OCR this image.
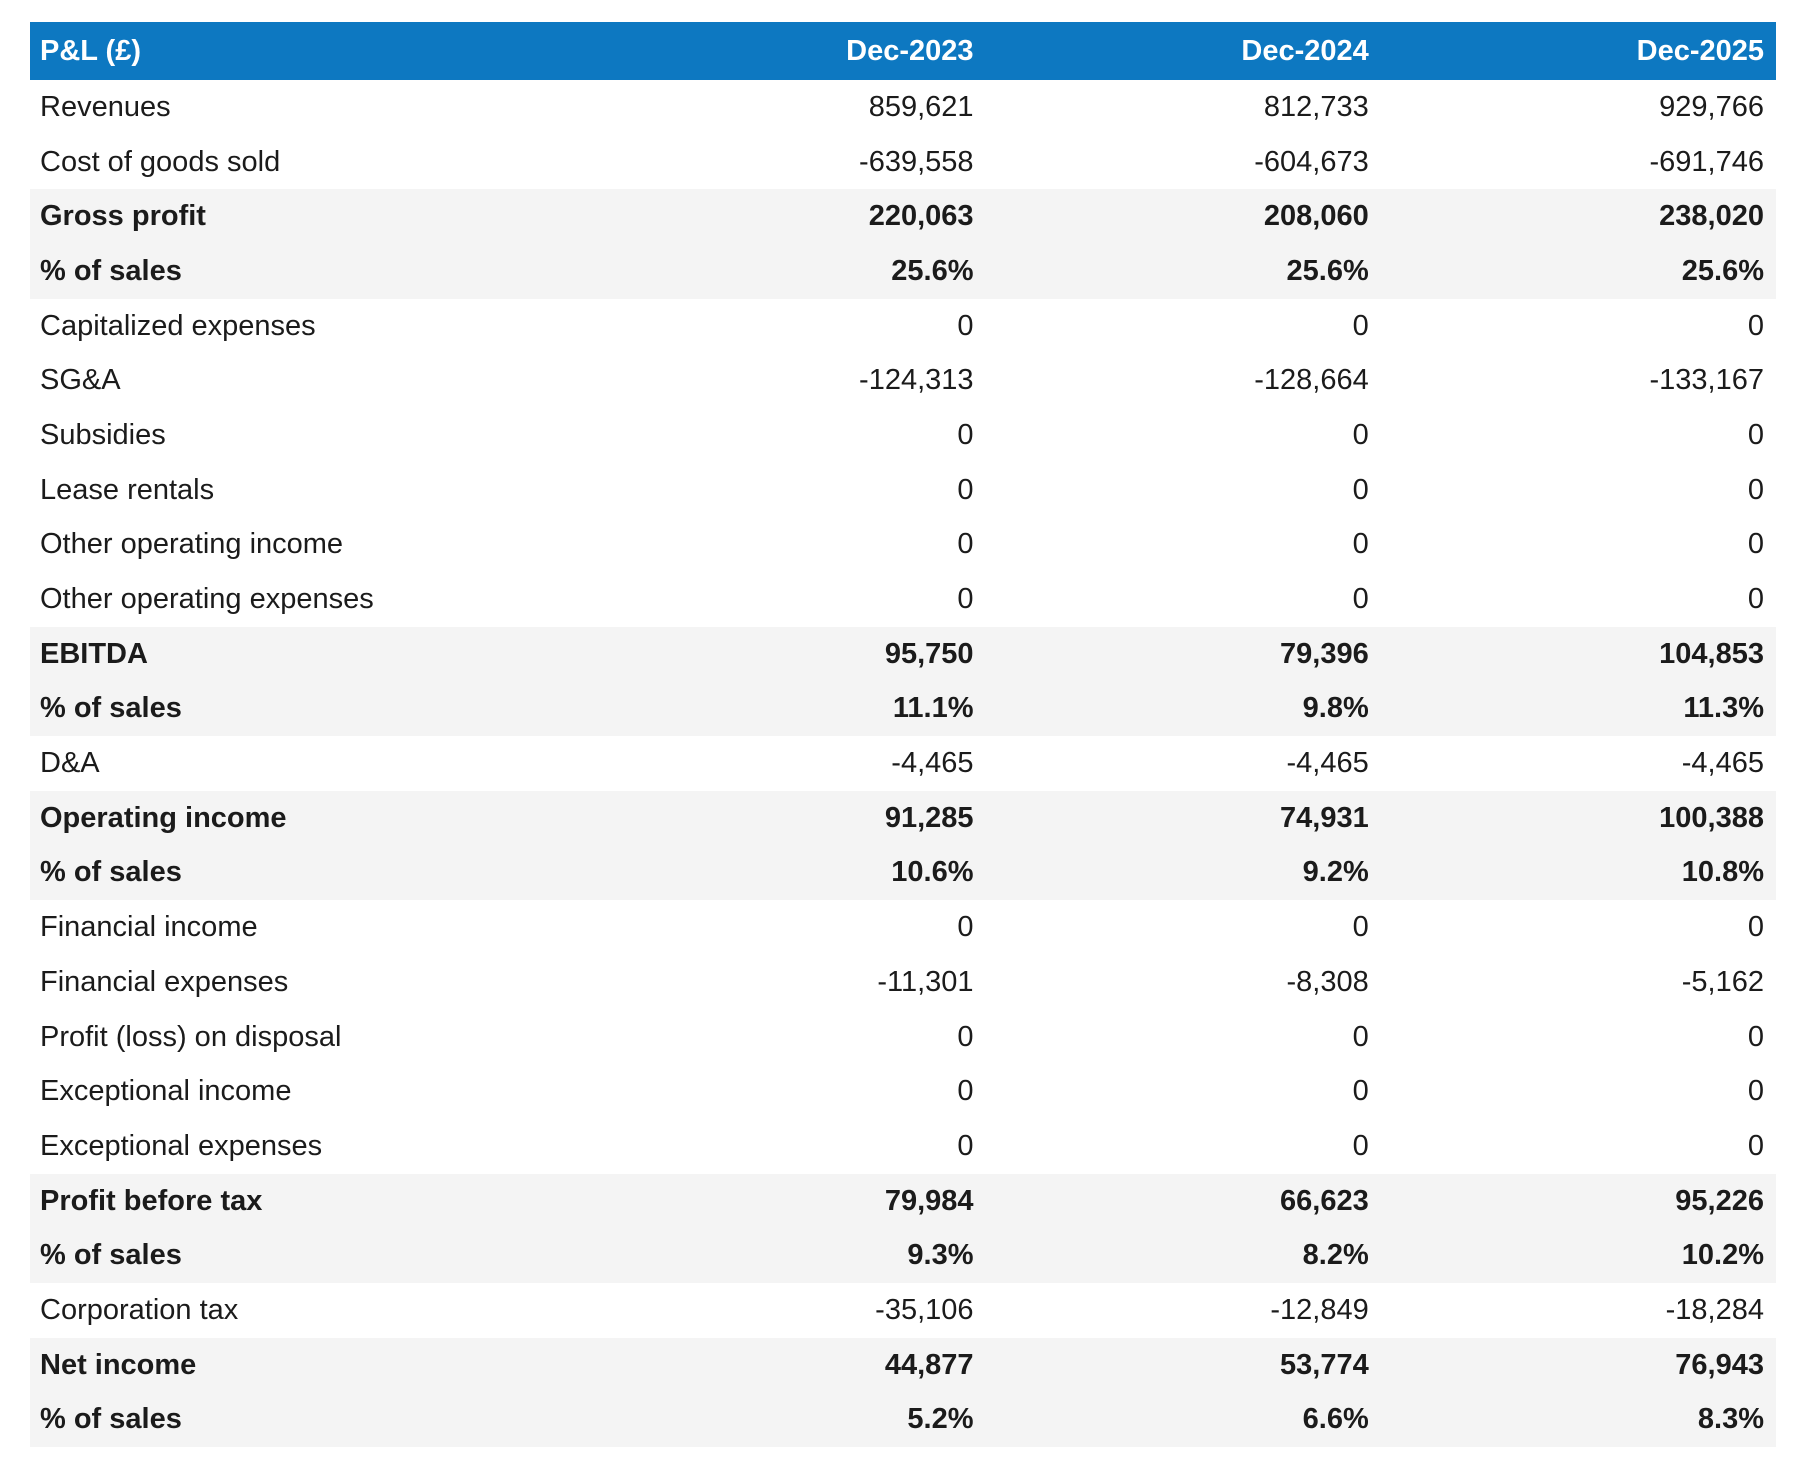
P&L (£)	Dec-2023	Dec-2024	Dec-2025
Revenues	859,621	812,733	929,766
Cost of goods sold	-639,558	-604,673	-691,746
Gross profit	220,063	208,060	238,020
% of sales	25.6%	25.6%	25.6%
Capitalized expenses	0	0	0
SG&A	-124,313	-128,664	-133,167
Subsidies	0	0	0
Lease rentals	0	0	0
Other operating income	0	0	0
Other operating expenses	0	0	0
EBITDA	95,750	79,396	104,853
% of sales	11.1%	9.8%	11.3%
D&A	-4,465	-4,465	-4,465
Operating income	91,285	74,931	100,388
% of sales	10.6%	9.2%	10.8%
Financial income	0	0	0
Financial expenses	-11,301	-8,308	-5,162
Profit (loss) on disposal	0	0	0
Exceptional income	0	0	0
Exceptional expenses	0	0	0
Profit before tax	79,984	66,623	95,226
% of sales	9.3%	8.2%	10.2%
Corporation tax	-35,106	-12,849	-18,284
Net income	44,877	53,774	76,943
% of sales	5.2%	6.6%	8.3%
